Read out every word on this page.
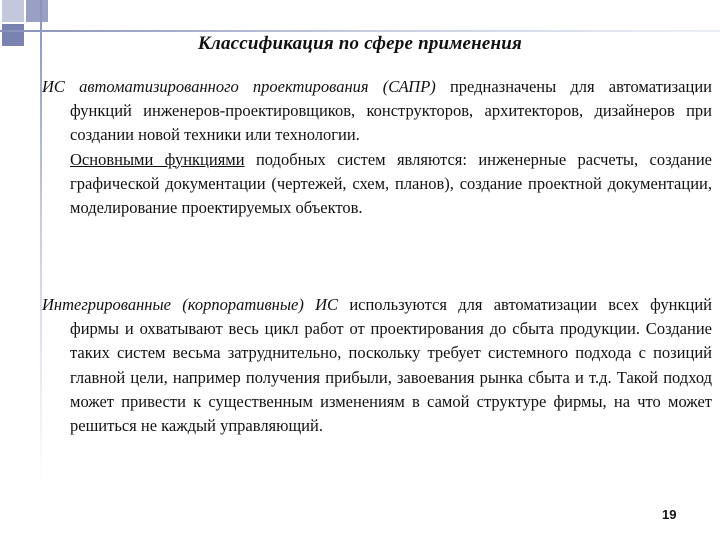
Классификация по сфере применения
ИС автоматизированного проектирования (САПР) предназначены для автоматизации функций инженеров-проектировщиков, конструкторов, архитекторов, дизайнеров при создании новой техники или технологии.
Основными функциями подобных систем являются: инженерные расчеты, создание графической документации (чертежей, схем, планов), создание проектной документации, моделирование проектируемых объектов.
Интегрированные (корпоративные) ИС используются для автоматизации всех функций фирмы и охватывают весь цикл работ от проектирования до сбыта продукции. Создание таких систем весьма затруднительно, поскольку требует системного подхода с позиций главной цели, например получения прибыли, завоевания рынка сбыта и т.д. Такой подход может привести к существенным изменениям в самой структуре фирмы, на что может решиться не каждый управляющий.
19
